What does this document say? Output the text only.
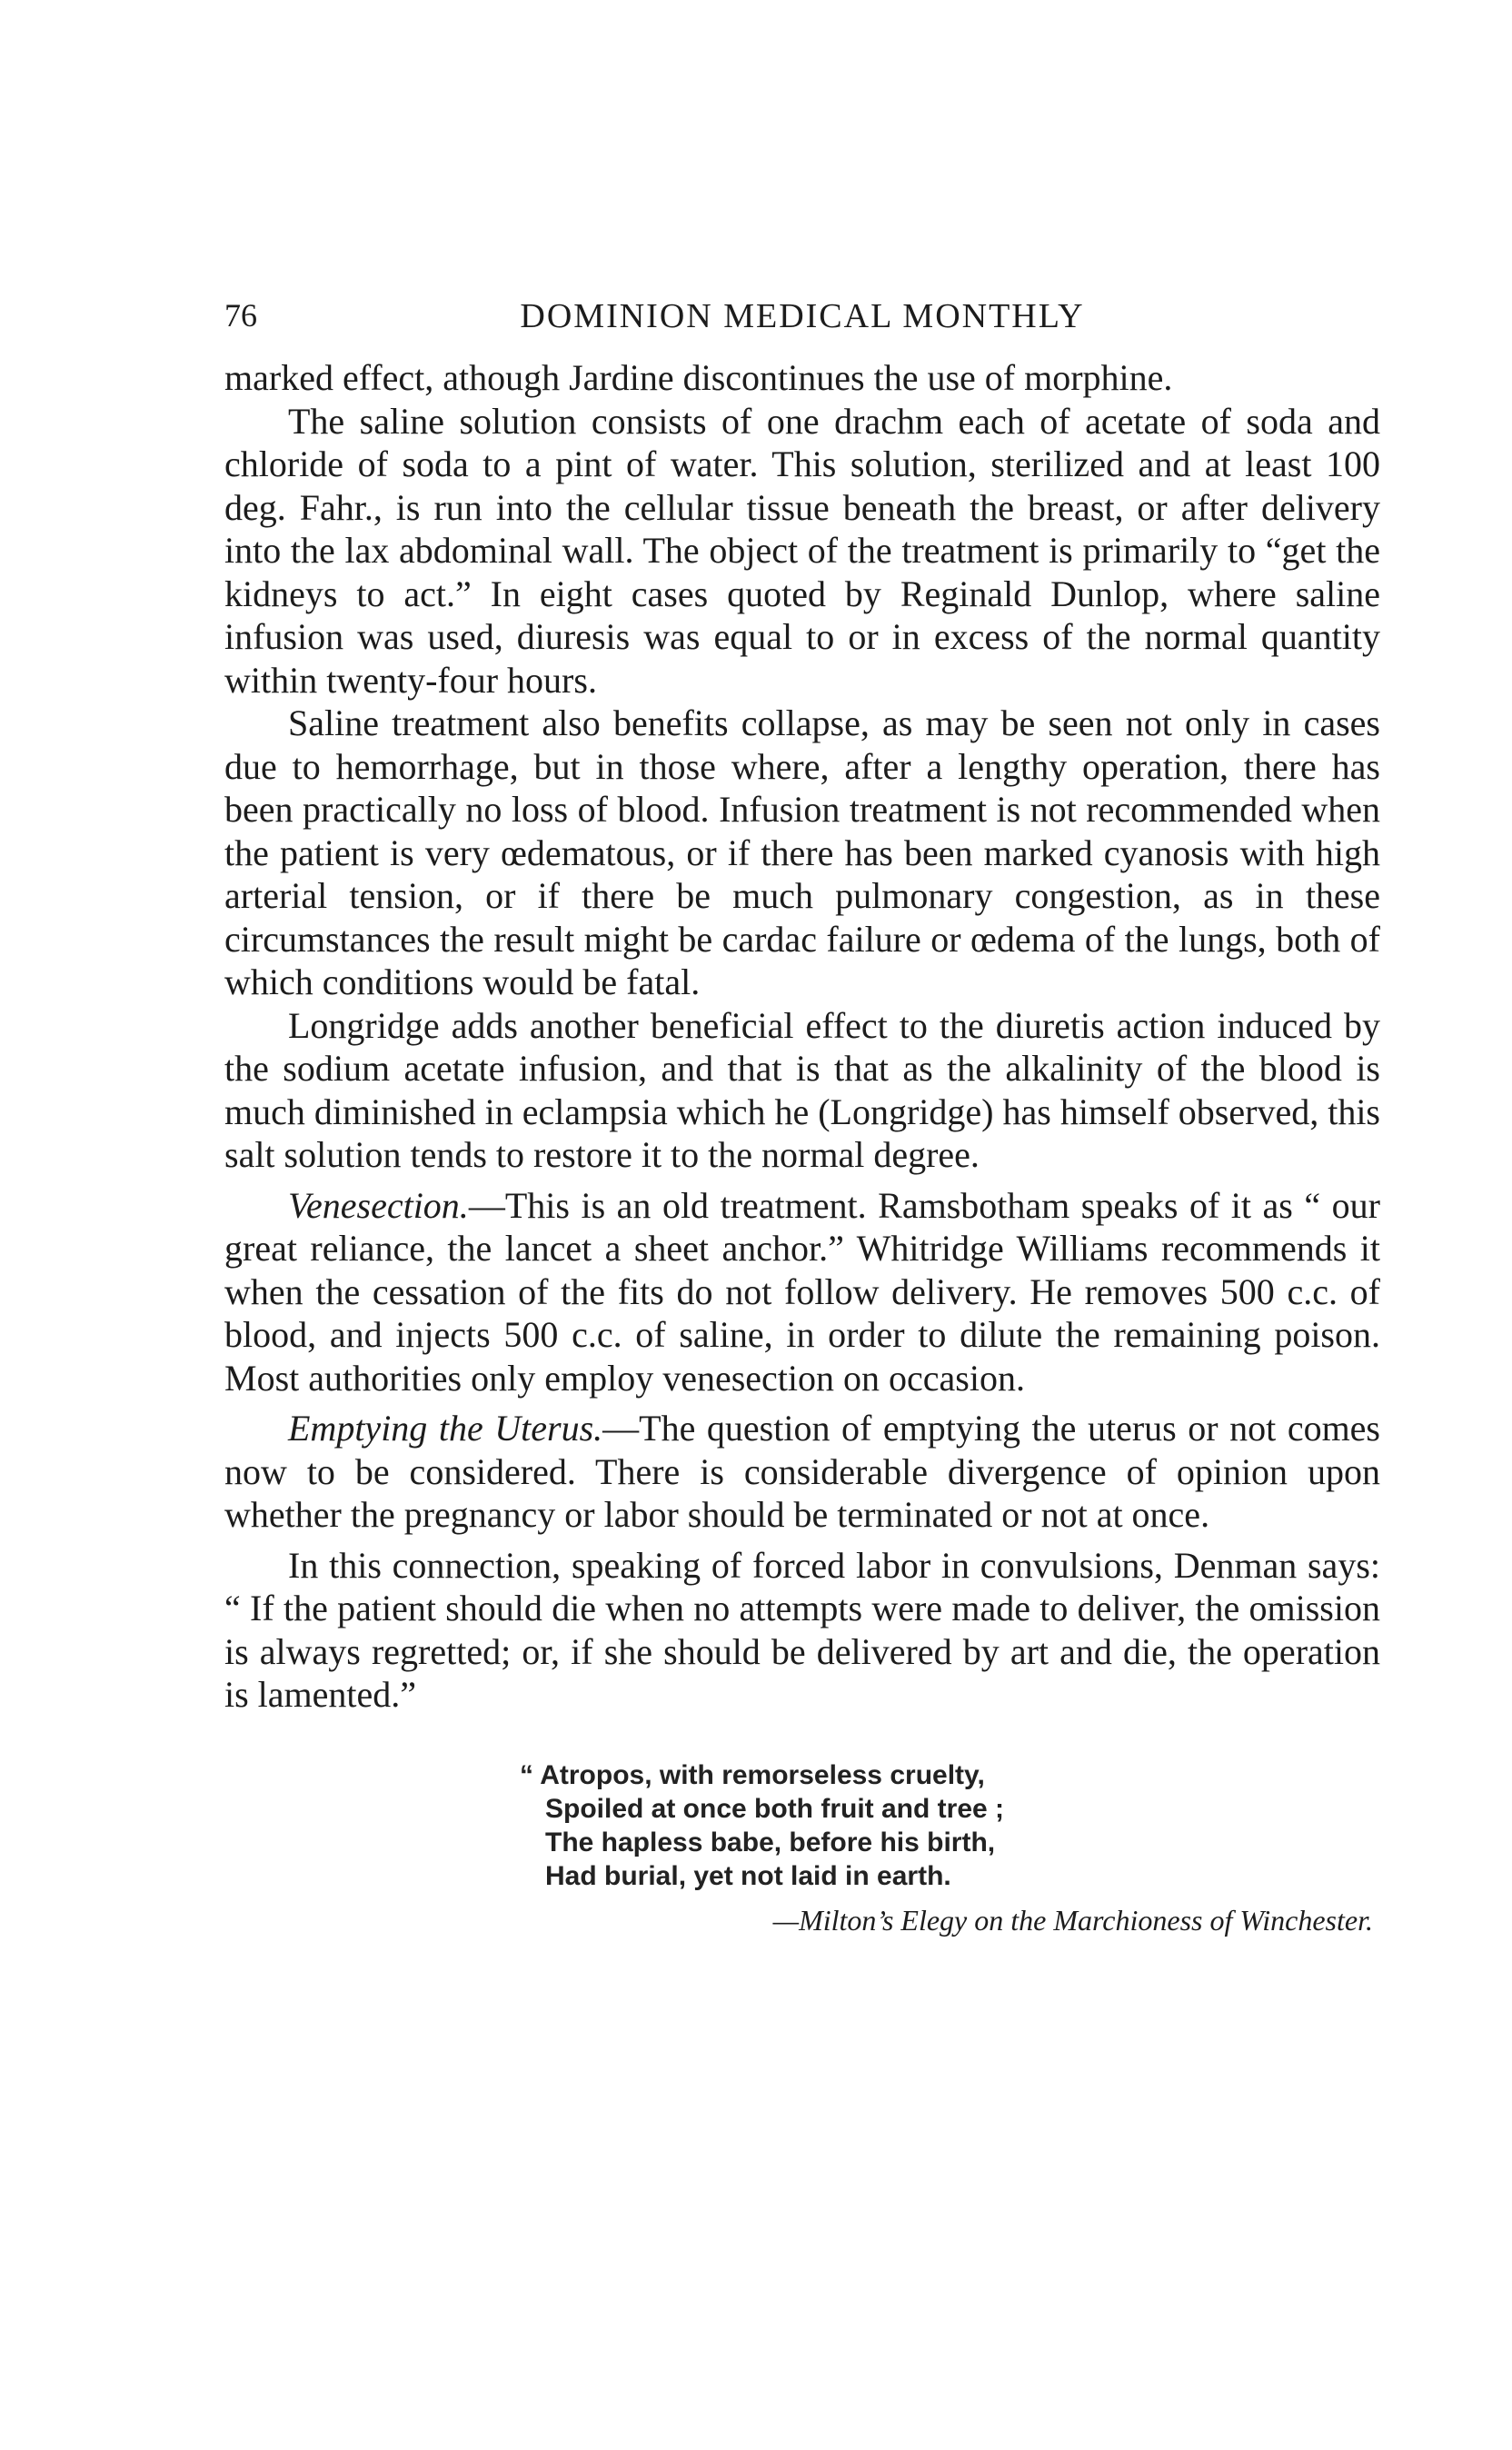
76	DOMINION MEDICAL MONTHLY

marked effect, athough Jardine discontinues the use of morphine.

The saline solution consists of one drachm each of acetate of soda and chloride of soda to a pint of water. This solution, sterilized and at least 100 deg. Fahr., is run into the cellular tissue beneath the breast, or after delivery into the lax abdominal wall. The object of the treatment is primarily to “get the kidneys to act.” In eight cases quoted by Reginald Dunlop, where saline infusion was used, diuresis was equal to or in excess of the normal quantity within twenty-four hours.

Saline treatment also benefits collapse, as may be seen not only in cases due to hemorrhage, but in those where, after a lengthy operation, there has been practically no loss of blood. Infusion treatment is not recommended when the patient is very œdematous, or if there has been marked cyanosis with high arterial tension, or if there be much pulmonary congestion, as in these circumstances the result might be cardac failure or œdema of the lungs, both of which conditions would be fatal.

Longridge adds another beneficial effect to the diuretis action induced by the sodium acetate infusion, and that is that as the alkalinity of the blood is much diminished in eclampsia which he (Longridge) has himself observed, this salt solution tends to restore it to the normal degree.

Venesection.—This is an old treatment. Ramsbotham speaks of it as “ our great reliance, the lancet a sheet anchor.” Whitridge Williams recommends it when the cessation of the fits do not follow delivery. He removes 500 c.c. of blood, and injects 500 c.c. of saline, in order to dilute the remaining poison. Most authorities only employ venesection on occasion.

Emptying the Uterus.—The question of emptying the uterus or not comes now to be considered. There is considerable divergence of opinion upon whether the pregnancy or labor should be terminated or not at once.

In this connection, speaking of forced labor in convulsions, Denman says: “ If the patient should die when no attempts were made to deliver, the omission is always regretted; or, if she should be delivered by art and die, the operation is lamented.”

“ Atropos, with remorseless cruelty,
Spoiled at once both fruit and tree ;
The hapless babe, before his birth,
Had burial, yet not laid in earth.
—Milton’s Elegy on the Marchioness of Winchester.
